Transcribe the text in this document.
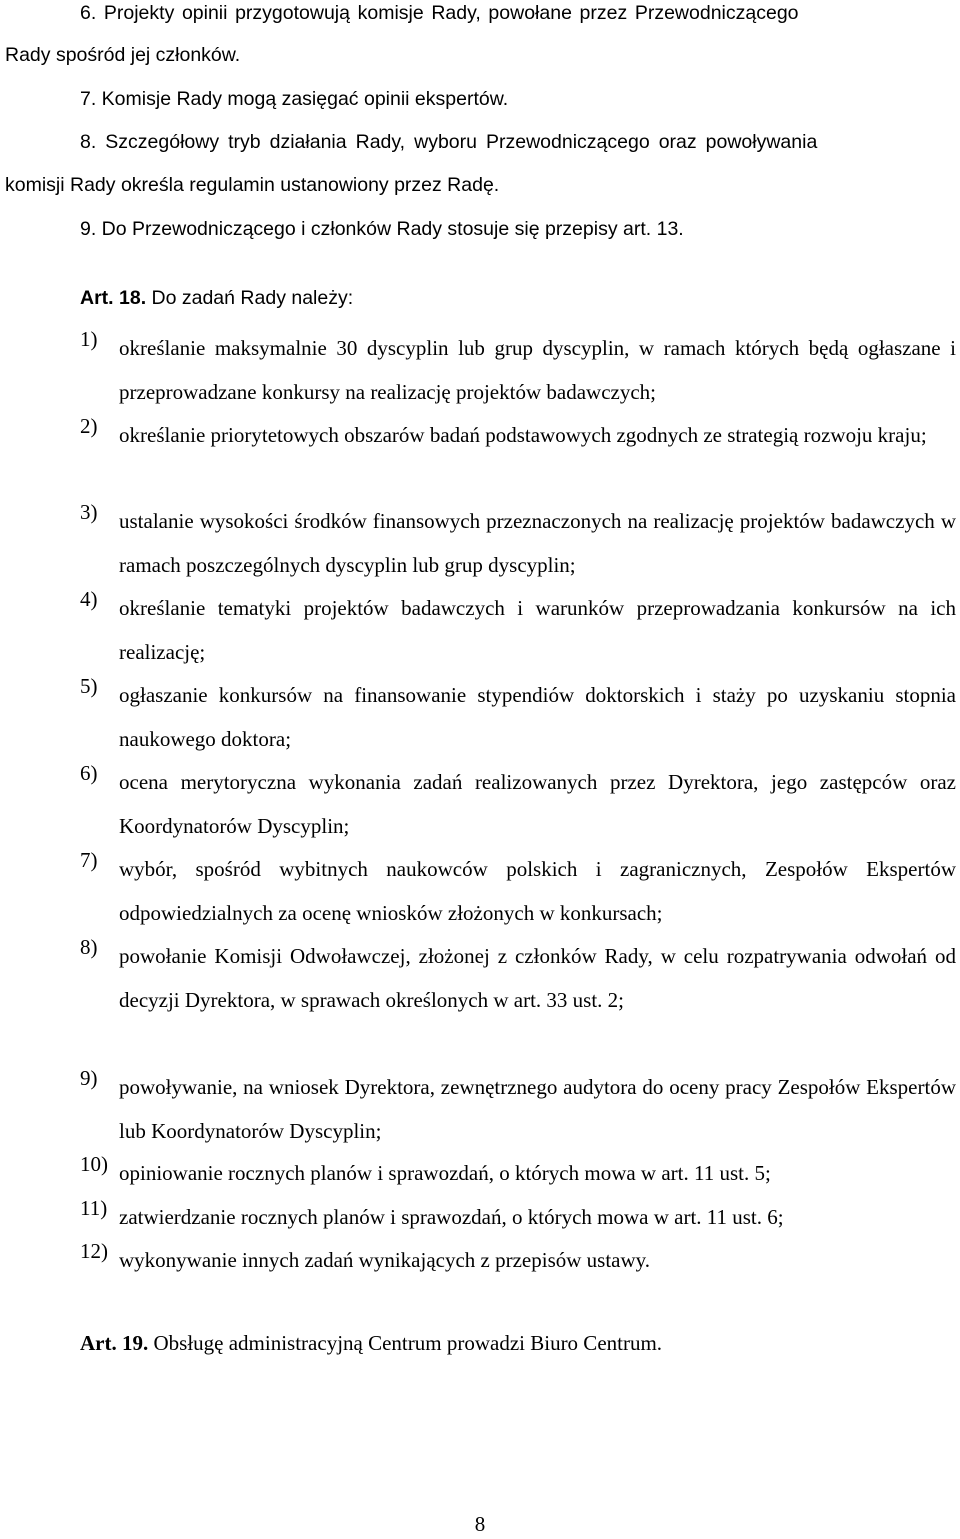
6. Projekty opinii przygotowują komisje Rady, powołane przez Przewodniczącego
Rady spośród jej członków.
7. Komisje Rady mogą zasięgać opinii ekspertów.
8. Szczegółowy tryb działania Rady, wyboru Przewodniczącego oraz powoływania
komisji Rady określa regulamin ustanowiony przez Radę.
9. Do Przewodniczącego i członków Rady stosuje się przepisy art. 13.
Art. 18. Do zadań Rady należy:
1)	określanie maksymalnie 30 dyscyplin lub grup dyscyplin, w ramach których będą ogłaszane i przeprowadzane konkursy na realizację projektów badawczych;
2)	określanie priorytetowych obszarów badań podstawowych zgodnych ze strategią rozwoju kraju;
3)	ustalanie wysokości środków finansowych przeznaczonych na realizację projektów badawczych w ramach poszczególnych dyscyplin lub grup dyscyplin;
4)	określanie tematyki projektów badawczych i warunków przeprowadzania konkursów na ich realizację;
5)	ogłaszanie konkursów na finansowanie stypendiów doktorskich i staży po uzyskaniu stopnia naukowego doktora;
6)	ocena merytoryczna wykonania zadań realizowanych przez Dyrektora, jego zastępców oraz Koordynatorów Dyscyplin;
7)	wybór, spośród wybitnych naukowców polskich i zagranicznych, Zespołów Ekspertów odpowiedzialnych za ocenę wniosków złożonych w konkursach;
8)	powołanie Komisji Odwoławczej, złożonej z członków Rady, w celu rozpatrywania odwołań od decyzji Dyrektora, w sprawach określonych w art. 33 ust. 2;
9)	powoływanie, na wniosek Dyrektora, zewnętrznego audytora do oceny pracy Zespołów Ekspertów lub Koordynatorów Dyscyplin;
10) opiniowanie rocznych planów i sprawozdań, o których mowa w art. 11 ust. 5;
11) zatwierdzanie rocznych planów i sprawozdań, o których mowa w art. 11 ust. 6;
12) wykonywanie innych zadań wynikających z przepisów ustawy.
Art. 19. Obsługę administracyjną Centrum prowadzi Biuro Centrum.
8
